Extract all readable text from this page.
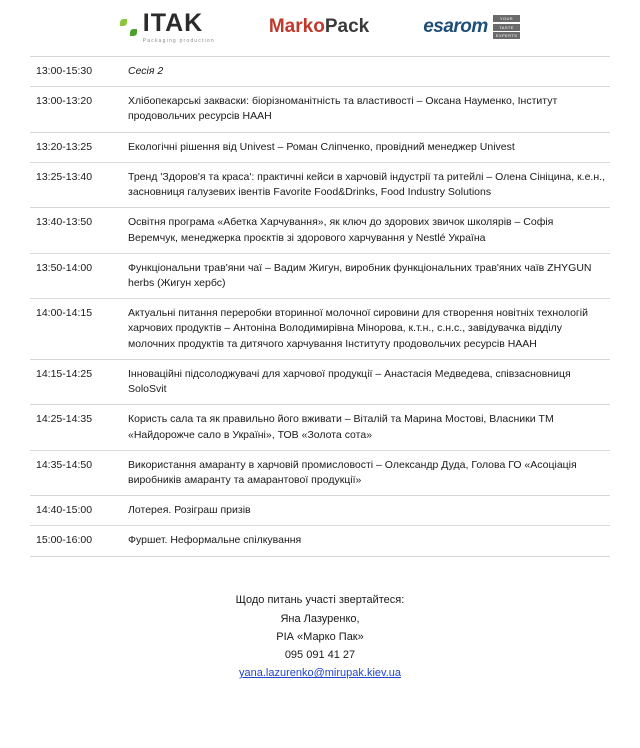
ITAK
Packaging production
MarkoPack	esarom	YOUR
TASTE
EXPERTS
13:00-15:30	Сесія 2
13:00-13:20	Хлібопекарські закваски: біорізноманітність та властивості – Оксана Науменко, Інститут продовольчих ресурсів НААН
13:20-13:25	Екологічні рішення від Univest – Роман Сліпченко, провідний менеджер Univest
13:25-13:40	Тренд 'Здоров'я та краса': практичні кейси в харчовій індустрії та ритейлі – Олена Сініцина, к.е.н., засновниця галузевих івентів Favorite Food&Drinks, Food Industry Solutions
13:40-13:50	Освітня програма «Абетка Харчування», як ключ до здорових звичок школярів – Софія Веремчук, менеджерка проєктів зі здорового харчування у Nestlé Україна
13:50-14:00	Функціональни трав'яни чаї – Вадим Жигун, виробник функціональних трав'яних чаїв ZHYGUN herbs (Жигун хербс)
14:00-14:15	Актуальні питання переробки вторинної молочної сировини для створення новітніх технологій харчових продуктів – Антоніна Володимирівна Мінорова, к.т.н., с.н.с., завідувачка відділу молочних продуктів та дитячого харчування Інституту продовольчих ресурсів НААН
14:15-14:25	Інноваційні підсолоджувачі для харчової продукції – Анастасія Медведева, співзасновниця SoloSvit
14:25-14:35	Користь сала та як правильно його вживати – Віталій та Марина Мостові, Власники ТМ «Найдорожче сало в Україні», ТОВ «Золота сота»
14:35-14:50	Використання амаранту в харчовій промисловості – Олександр Дуда, Голова ГО «Асоціація виробників амаранту та амарантової продукції»
14:40-15:00	Лотерея. Розіграш призів
15:00-16:00	Фуршет. Неформальне спілкування
Щодо питань участі звертайтеся:
Яна Лазуренко,
РІА «Марко Пак»
095 091 41 27
yana.lazurenko@mirupak.kiev.ua
